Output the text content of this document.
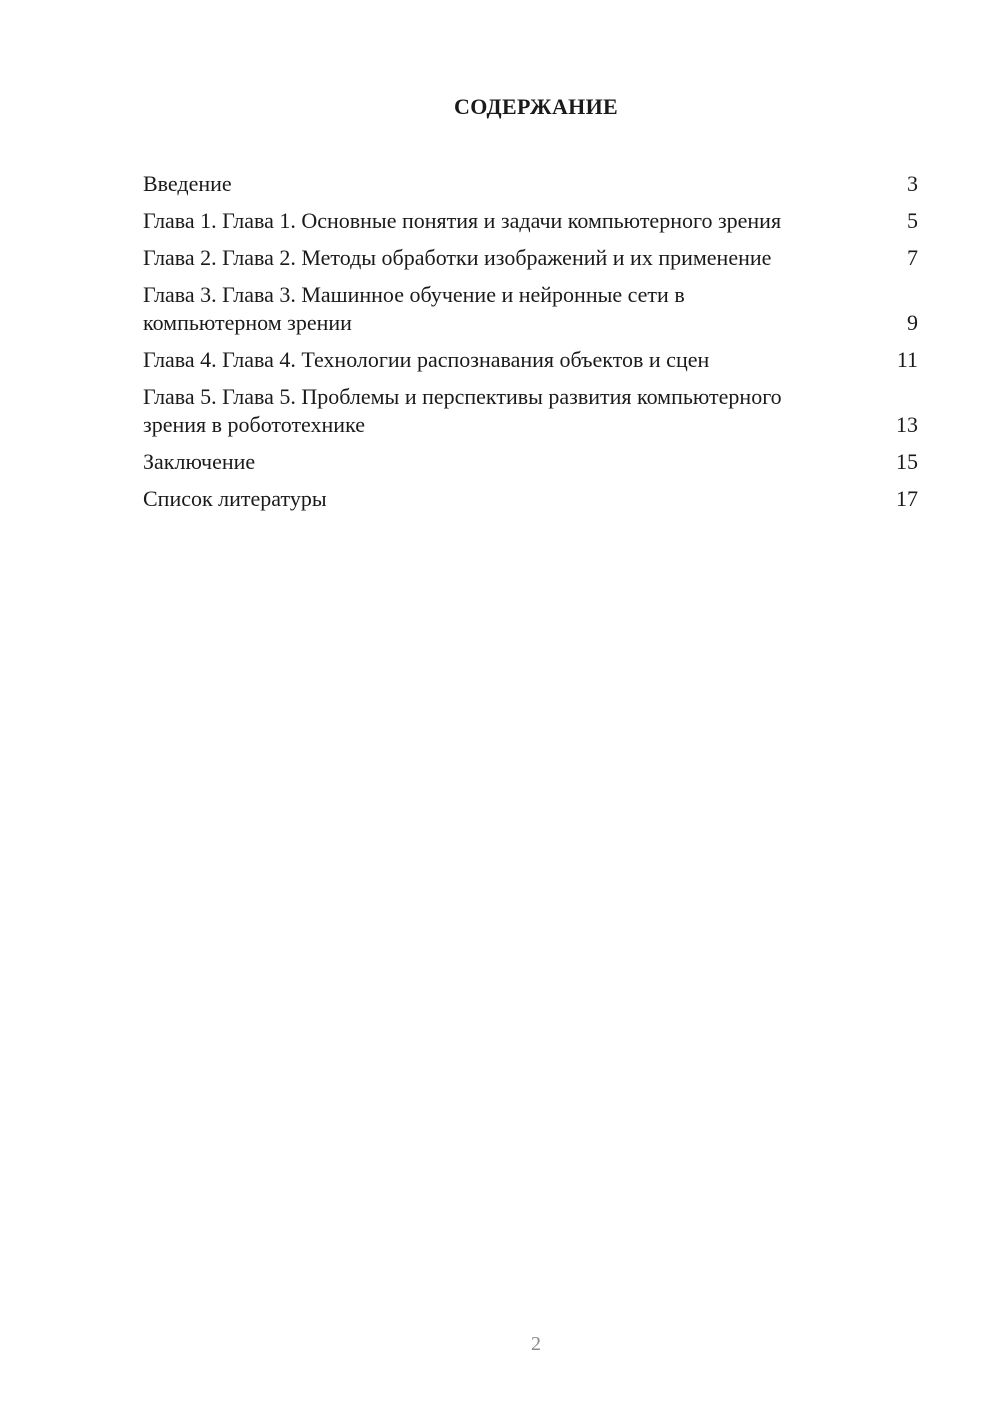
СОДЕРЖАНИЕ
Введение	3
Глава 1. Глава 1. Основные понятия и задачи компьютерного зрения	5
Глава 2. Глава 2. Методы обработки изображений и их применение	7
Глава 3. Глава 3. Машинное обучение и нейронные сети в компьютерном зрении	9
Глава 4. Глава 4. Технологии распознавания объектов и сцен	11
Глава 5. Глава 5. Проблемы и перспективы развития компьютерного зрения в робототехнике	13
Заключение	15
Список литературы	17
2
